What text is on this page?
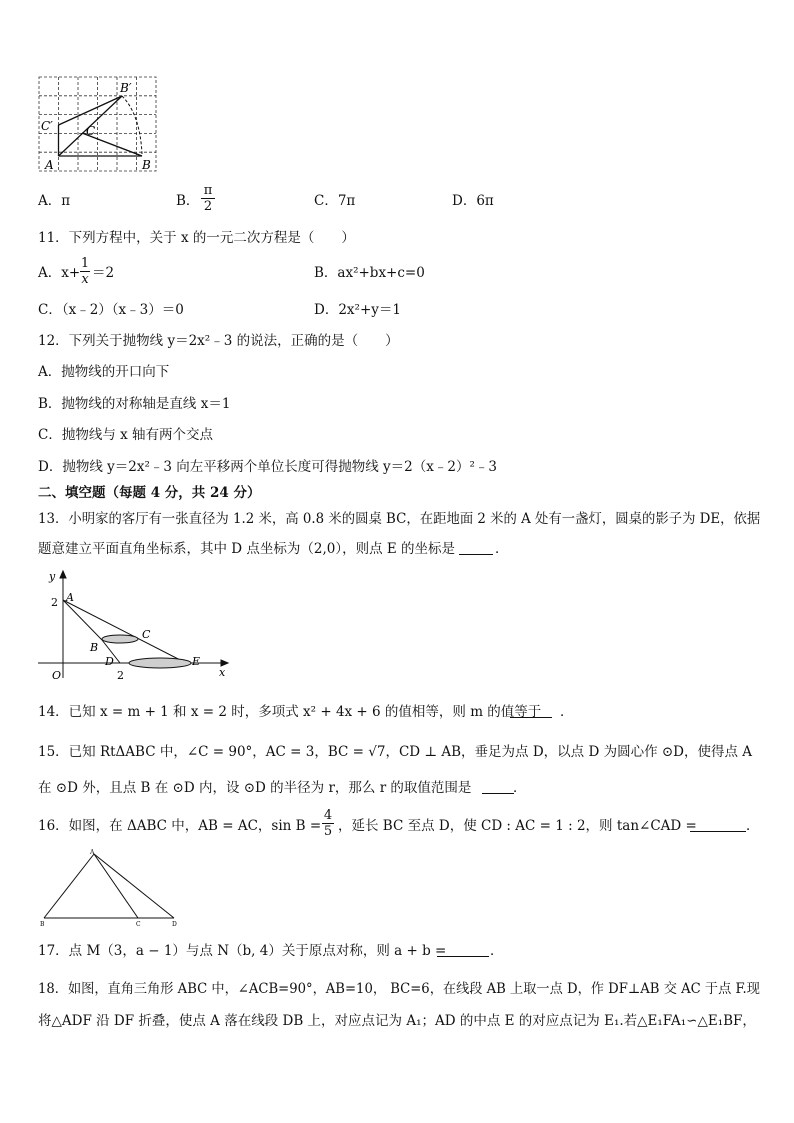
B′
C′	C
A	B
A．π	B．
π
2	C．7π	D．6π
11．下列方程中，关于 x 的一元二次方程是（　　）
A．x+
1
x ＝2	B．ax²+bx+c=0
C．（x﹣2）（x﹣3）＝0	D．2x²+y＝1
12．下列关于抛物线 y＝2x²﹣3 的说法，正确的是（　　）
A．抛物线的开口向下
B．抛物线的对称轴是直线 x＝1
C．抛物线与 x 轴有两个交点
D．抛物线 y＝2x²﹣3 向左平移两个单位长度可得抛物线 y＝2（x﹣2）²﹣3
二、填空题（每题 4 分，共 24 分）
13．小明家的客厅有一张直径为 1.2 米，高 0.8 米的圆桌 BC，在距地面 2 米的 A 处有一盏灯，圆桌的影子为 DE，依据
题意建立平面直角坐标系，其中 D 点坐标为（2,0），则点 E 的坐标是	．
y
2 A
C
B
D	E
O	2	x
14．已知 x = m + 1 和 x = 2 时，多项式 x² + 4x + 6 的值相等，则 m 的值等于 ．
15．已知 RtΔABC 中，∠C = 90°，AC = 3，BC = √7，CD ⊥ AB，垂足为点 D，以点 D 为圆心作 ⊙D，使得点 A
在 ⊙D 外，且点 B 在 ⊙D 内，设 ⊙D 的半径为 r，那么 r 的取值范围是	．
16．如图，在 ΔABC 中，AB = AC，sin B =
4
5 ，延长 BC 至点 D，使 CD : AC = 1 : 2，则 tan∠CAD =	．
A
B	C	D
17．点 M（3，a − 1）与点 N（b, 4）关于原点对称，则 a + b =	．
18．如图，直角三角形 ABC 中，∠ACB=90°，AB=10， BC=6，在线段 AB 上取一点 D，作 DF⊥AB 交 AC 于点 F.现
将△ADF 沿 DF 折叠，使点 A 落在线段 DB 上，对应点记为 A₁；AD 的中点 E 的对应点记为 E₁.若△E₁FA₁∽△E₁BF，
